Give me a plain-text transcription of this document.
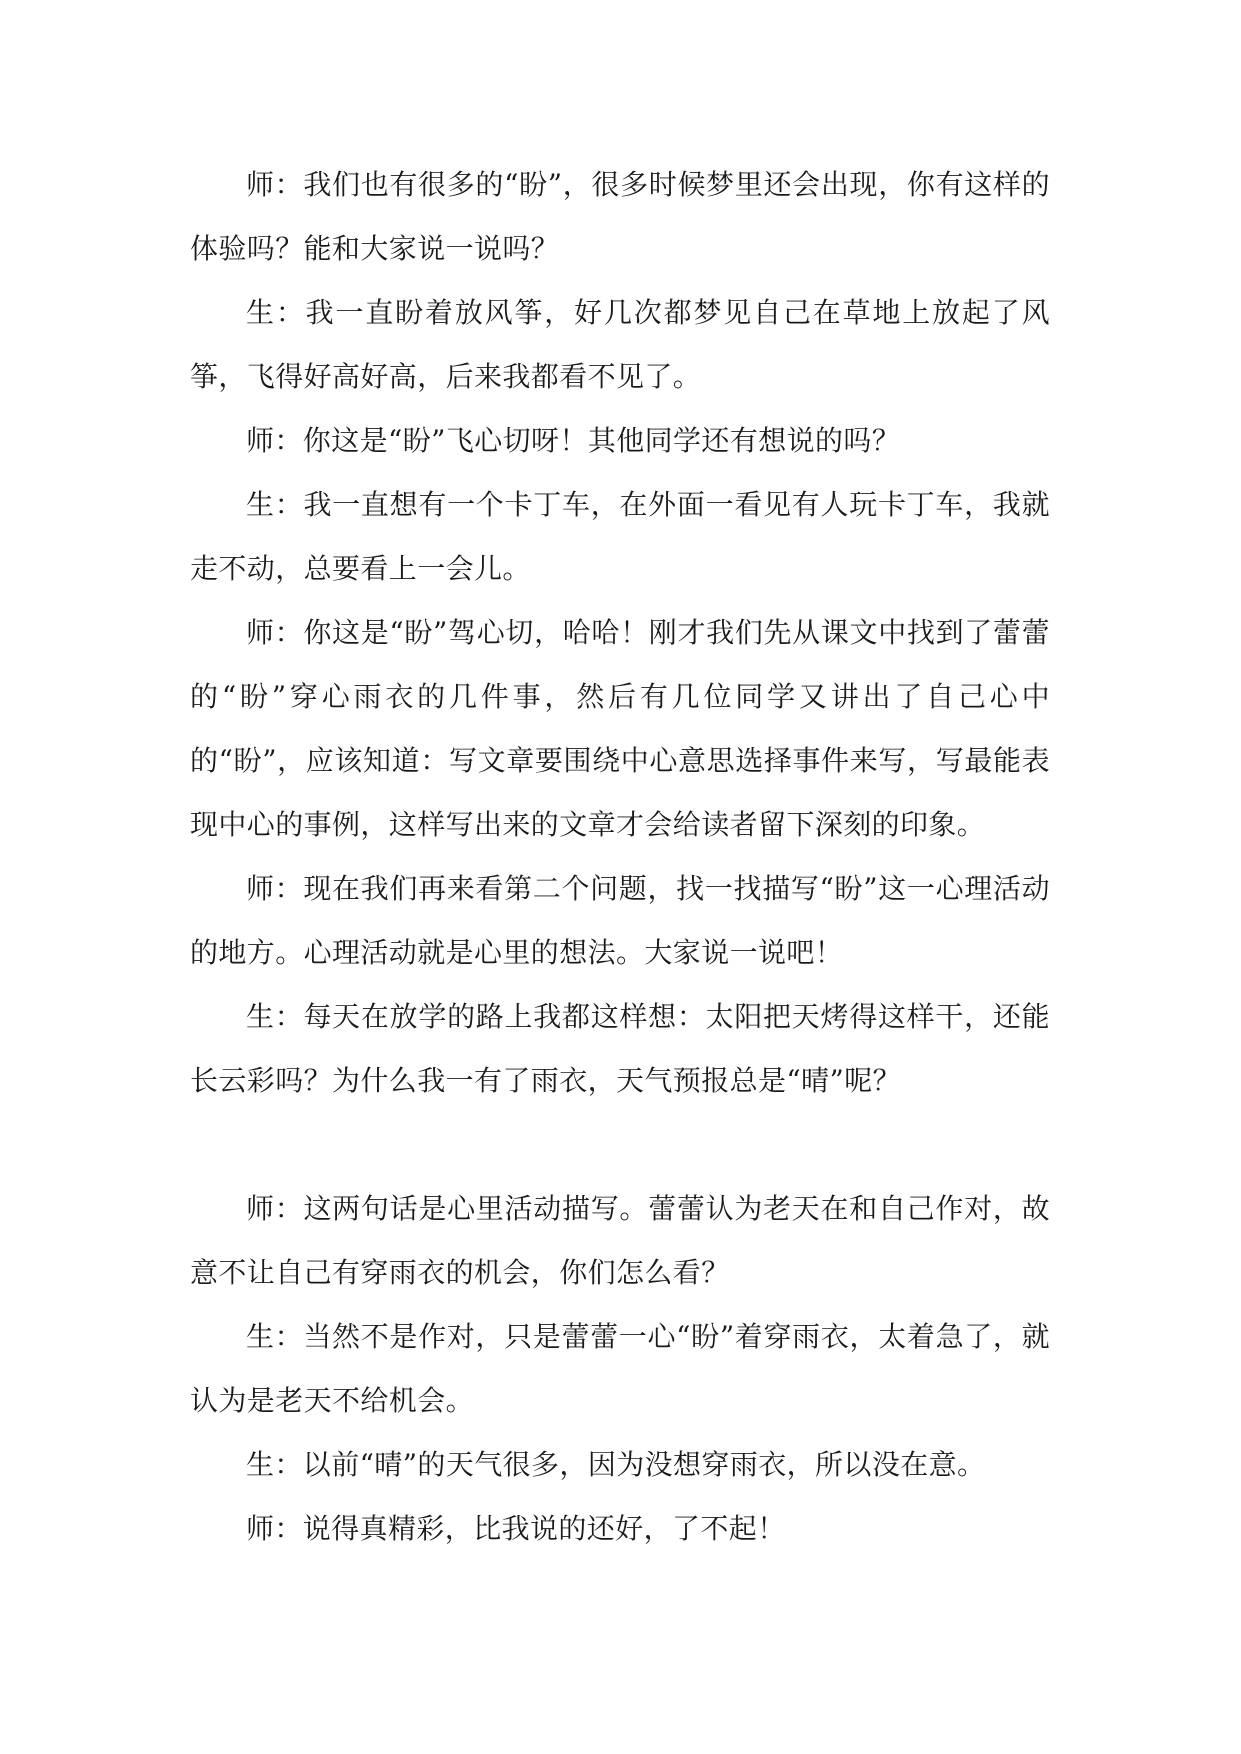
师：我们也有很多的“盼”，很多时候梦里还会出现，你有这样的体验吗？能和大家说一说吗？

生：我一直盼着放风筝，好几次都梦见自己在草地上放起了风筝，飞得好高好高，后来我都看不见了。

师：你这是“盼”飞心切呀！其他同学还有想说的吗？

生：我一直想有一个卡丁车，在外面一看见有人玩卡丁车，我就走不动，总要看上一会儿。

师：你这是“盼”驾心切，哈哈！刚才我们先从课文中找到了蕾蕾的“盼”穿心雨衣的几件事，然后有几位同学又讲出了自己心中的“盼”，应该知道：写文章要围绕中心意思选择事件来写，写最能表现中心的事例，这样写出来的文章才会给读者留下深刻的印象。

师：现在我们再来看第二个问题，找一找描写“盼”这一心理活动的地方。心理活动就是心里的想法。大家说一说吧！

生：每天在放学的路上我都这样想：太阳把天烤得这样干，还能长云彩吗？为什么我一有了雨衣，天气预报总是“晴”呢？

师：这两句话是心里活动描写。蕾蕾认为老天在和自己作对，故意不让自己有穿雨衣的机会，你们怎么看？

生：当然不是作对，只是蕾蕾一心“盼”着穿雨衣，太着急了，就认为是老天不给机会。

生：以前“晴”的天气很多，因为没想穿雨衣，所以没在意。

师：说得真精彩，比我说的还好，了不起！
